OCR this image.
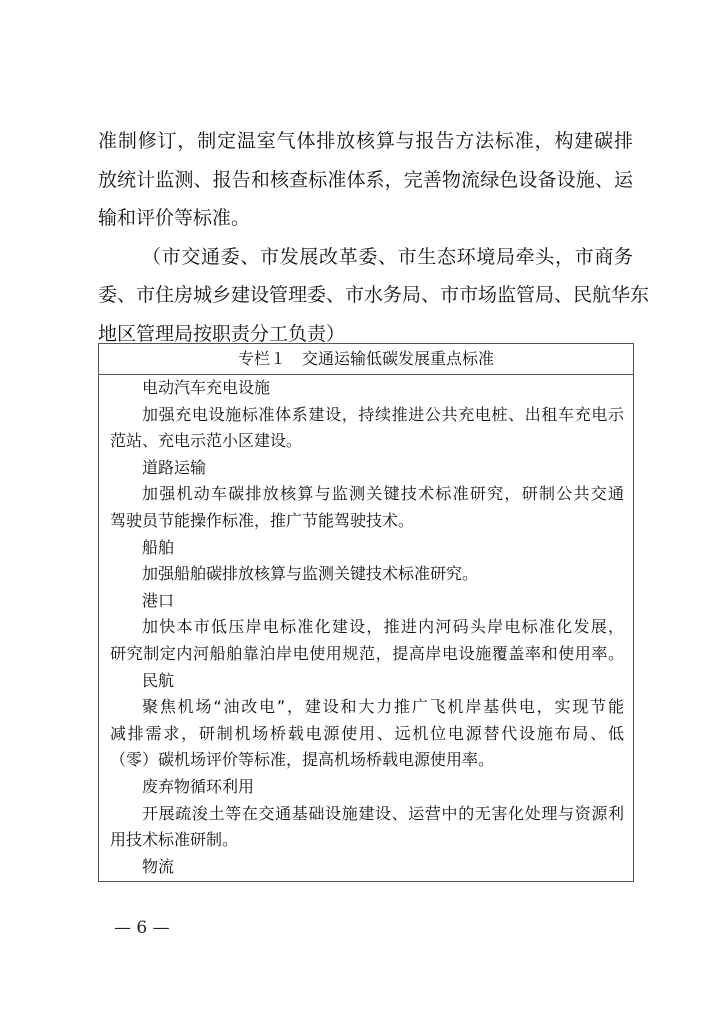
准制修订，制定温室气体排放核算与报告方法标准，构建碳排
放统计监测、报告和核查标准体系，完善物流绿色设备设施、运
输和评价等标准。
（市交通委、市发展改革委、市生态环境局牵头，市商务
委、市住房城乡建设管理委、市水务局、市市场监管局、民航华东
地区管理局按职责分工负责）
专栏１　交通运输低碳发展重点标准
电动汽车充电设施
加强充电设施标准体系建设，持续推进公共充电桩、出租车充电示
范站、充电示范小区建设。
道路运输
加强机动车碳排放核算与监测关键技术标准研究，研制公共交通
驾驶员节能操作标准，推广节能驾驶技术。
船舶
加强船舶碳排放核算与监测关键技术标准研究。
港口
加快本市低压岸电标准化建设，推进内河码头岸电标准化发展，
研究制定内河船舶靠泊岸电使用规范，提高岸电设施覆盖率和使用率。
民航
聚焦机场“油改电”，建设和大力推广飞机岸基供电，实现节能
减排需求，研制机场桥载电源使用、远机位电源替代设施布局、低
（零）碳机场评价等标准，提高机场桥载电源使用率。
废弃物循环利用
开展疏浚土等在交通基础设施建设、运营中的无害化处理与资源利
用技术标准研制。
物流
— 6 —
